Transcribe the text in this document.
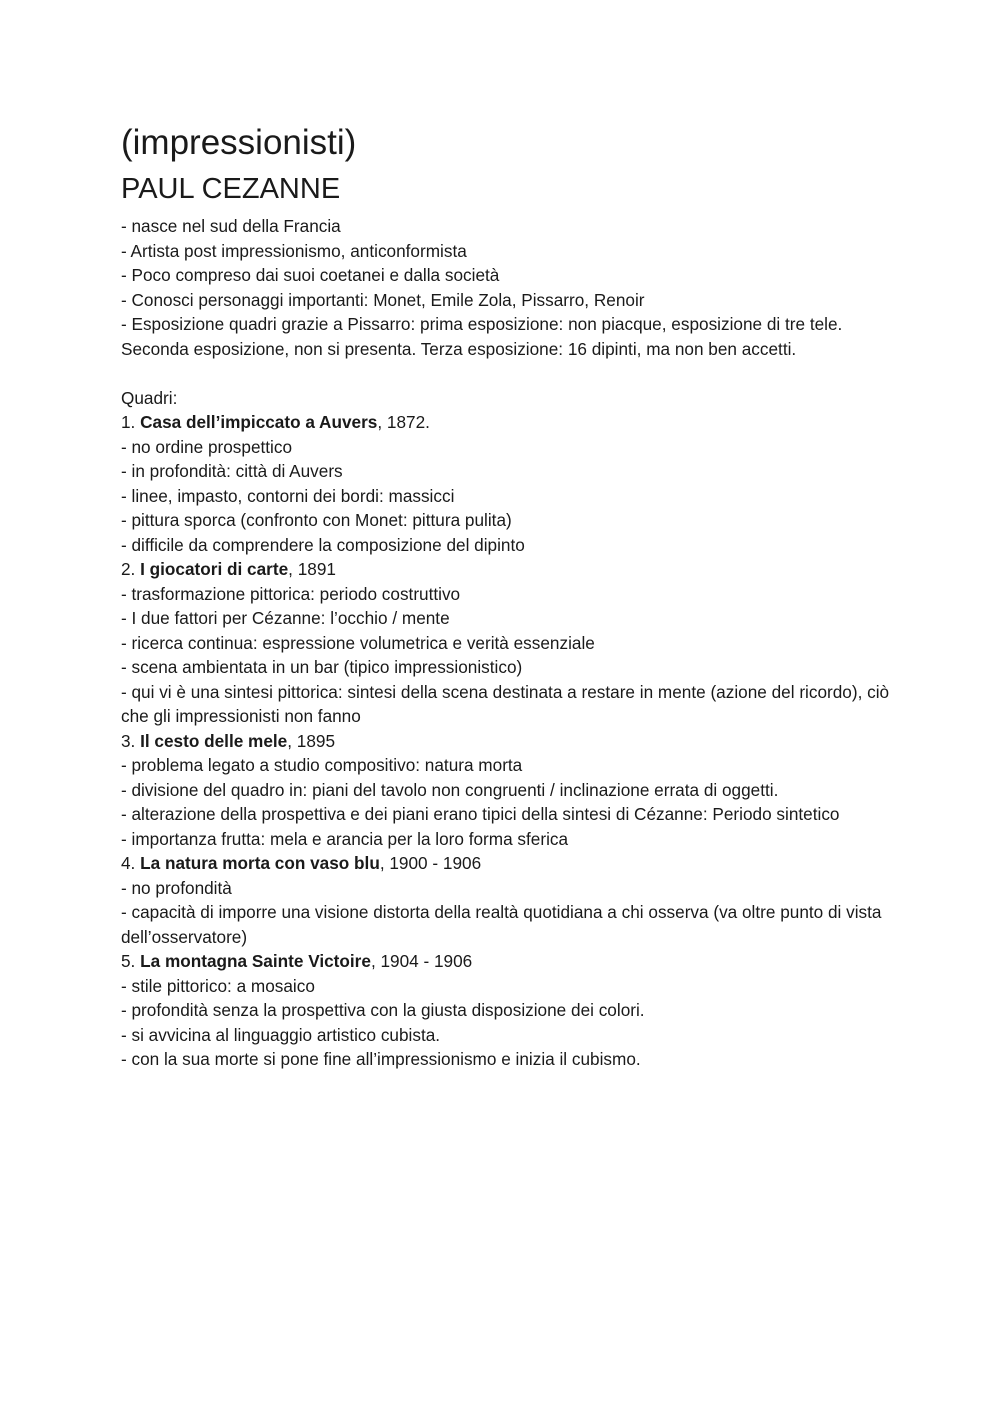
(impressionisti)
PAUL CEZANNE

- nasce nel sud della Francia

- Artista post impressionismo, anticonformista

- Poco compreso dai suoi coetanei e dalla società

- Conosci personaggi importanti: Monet, Emile Zola, Pissarro, Renoir

- Esposizione quadri grazie a Pissarro: prima esposizione: non piacque, esposizione di tre tele. Seconda esposizione, non si presenta. Terza esposizione: 16 dipinti, ma non ben accetti.

Quadri:

1. Casa dell’impiccato a Auvers, 1872.

- no ordine prospettico

- in profondità: città di Auvers

- linee, impasto, contorni dei bordi: massicci

- pittura sporca (confronto con Monet: pittura pulita)

- difficile da comprendere la composizione del dipinto

2. I giocatori di carte, 1891

- trasformazione pittorica: periodo costruttivo

- I due fattori per Cézanne: l’occhio / mente

- ricerca continua: espressione volumetrica e verità essenziale

- scena ambientata in un bar (tipico impressionistico)

- qui vi è una sintesi pittorica: sintesi della scena destinata a restare in mente (azione del ricordo), ciò che gli impressionisti non fanno

3. Il cesto delle mele, 1895

- problema legato a studio compositivo: natura morta

- divisione del quadro in: piani del tavolo non congruenti / inclinazione errata di oggetti.

- alterazione della prospettiva e dei piani erano tipici della sintesi di Cézanne: Periodo sintetico

- importanza frutta: mela e arancia per la loro forma sferica

4. La natura morta con vaso blu, 1900 - 1906

- no profondità

- capacità di imporre una visione distorta della realtà quotidiana a chi osserva (va oltre punto di vista dell’osservatore)

5. La montagna Sainte Victoire, 1904 - 1906

- stile pittorico: a mosaico

- profondità senza la prospettiva con la giusta disposizione dei colori.

- si avvicina al linguaggio artistico cubista.

- con la sua morte si pone fine all’impressionismo e inizia il cubismo.
